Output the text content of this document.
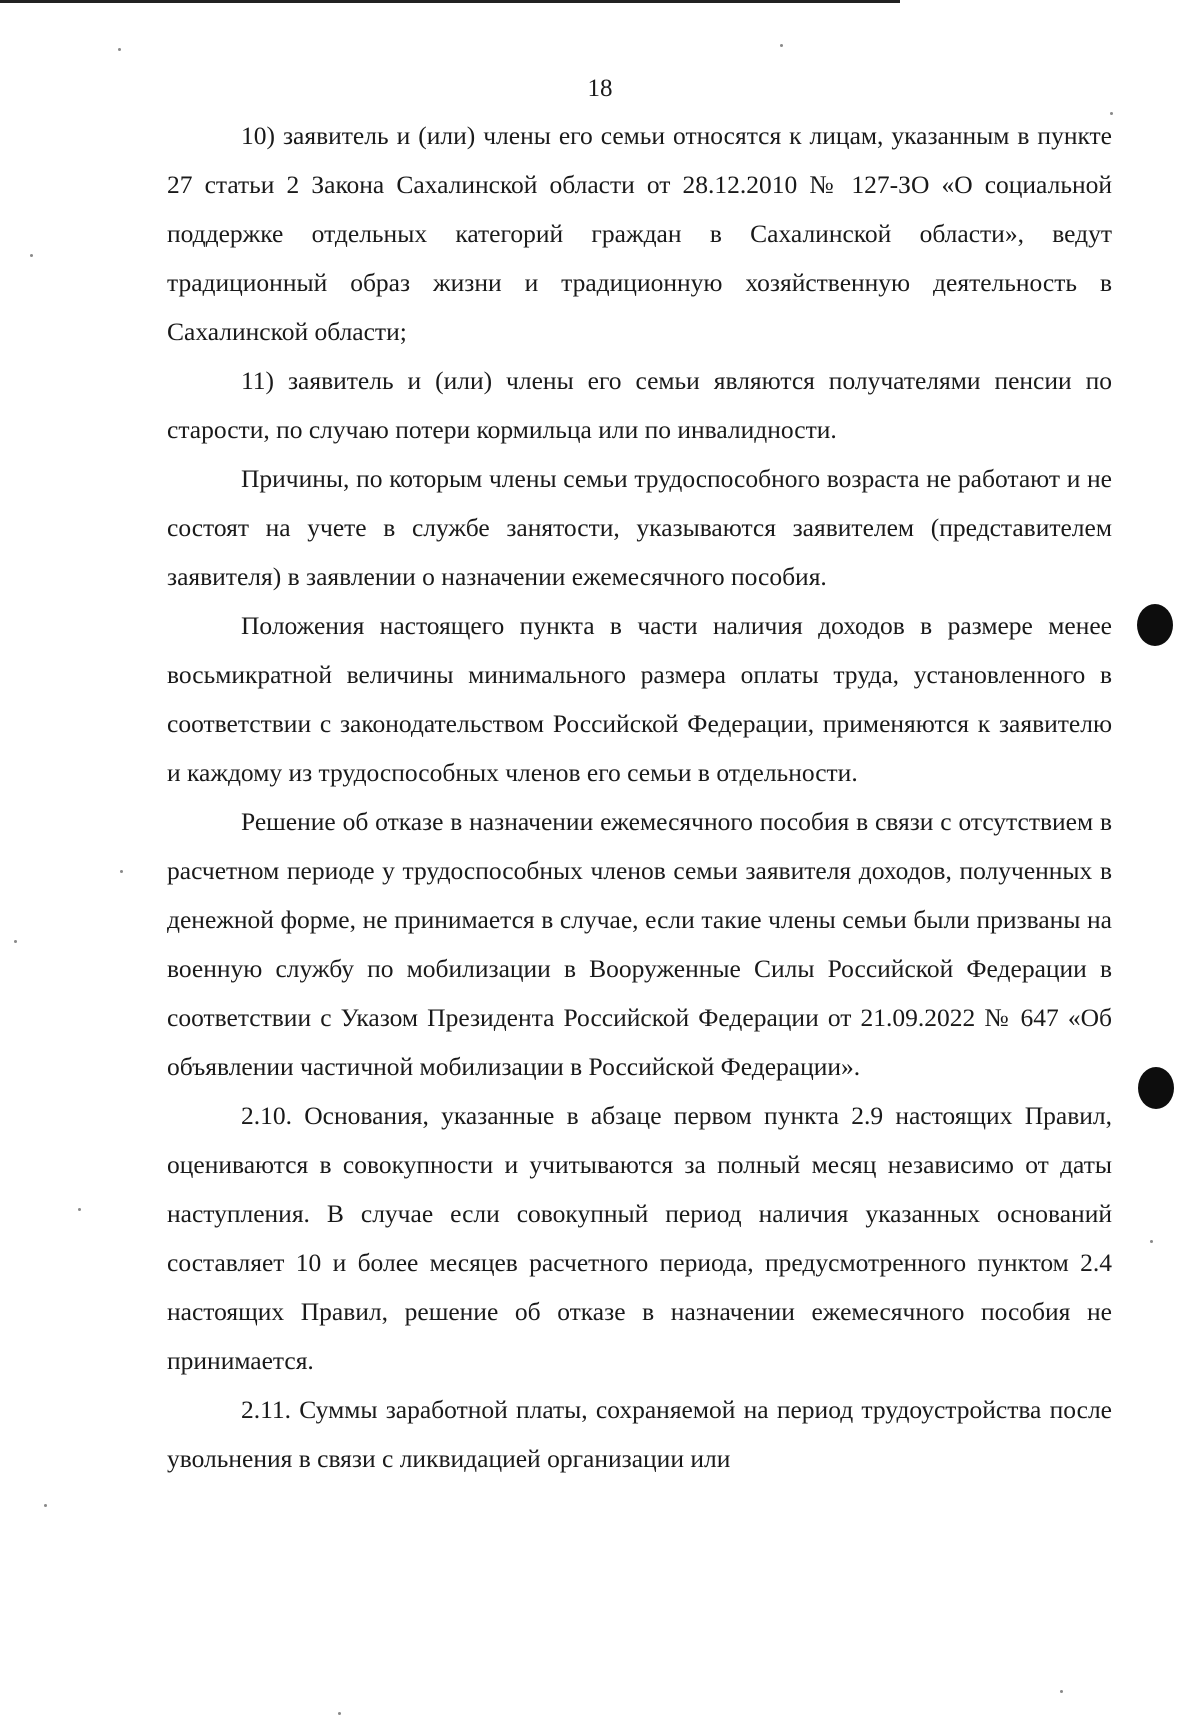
18

10) заявитель и (или) члены его семьи относятся к лицам, указанным в пункте 27 статьи 2 Закона Сахалинской области от 28.12.2010 № 127-ЗО «О социальной поддержке отдельных категорий граждан в Сахалинской области», ведут традиционный образ жизни и традиционную хозяйственную деятельность в Сахалинской области;

11) заявитель и (или) члены его семьи являются получателями пенсии по старости, по случаю потери кормильца или по инвалидности.

Причины, по которым члены семьи трудоспособного возраста не работают и не состоят на учете в службе занятости, указываются заявителем (представителем заявителя) в заявлении о назначении ежемесячного пособия.

Положения настоящего пункта в части наличия доходов в размере менее восьмикратной величины минимального размера оплаты труда, установленного в соответствии с законодательством Российской Федерации, применяются к заявителю и каждому из трудоспособных членов его семьи в отдельности.

Решение об отказе в назначении ежемесячного пособия в связи с отсутствием в расчетном периоде у трудоспособных членов семьи заявителя доходов, полученных в денежной форме, не принимается в случае, если такие члены семьи были призваны на военную службу по мобилизации в Вооруженные Силы Российской Федерации в соответствии с Указом Президента Российской Федерации от 21.09.2022 № 647 «Об объявлении частичной мобилизации в Российской Федерации».

2.10. Основания, указанные в абзаце первом пункта 2.9 настоящих Правил, оцениваются в совокупности и учитываются за полный месяц независимо от даты наступления. В случае если совокупный период наличия указанных оснований составляет 10 и более месяцев расчетного периода, предусмотренного пунктом 2.4 настоящих Правил, решение об отказе в назначении ежемесячного пособия не принимается.

2.11. Суммы заработной платы, сохраняемой на период трудоустройства после увольнения в связи с ликвидацией организации или
